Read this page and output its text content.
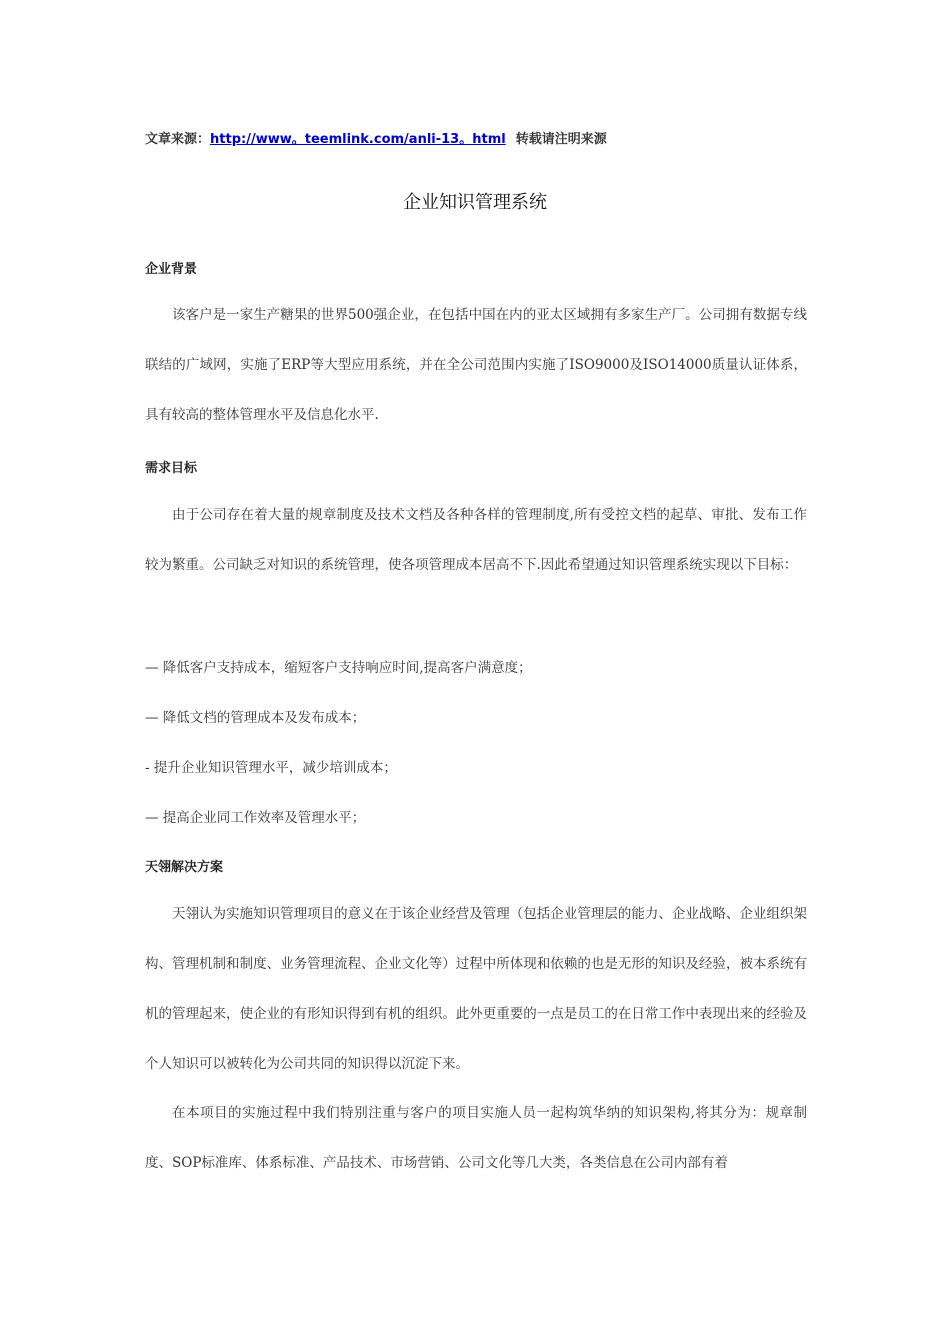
文章来源：http://www。teemlink.com/anli-13。html 转载请注明来源
企业知识管理系统
企业背景
该客户是一家生产糖果的世界500强企业，在包括中国在内的亚太区域拥有多家生产厂。公司拥有数据专线联结的广域网，实施了ERP等大型应用系统，并在全公司范围内实施了ISO9000及ISO14000质量认证体系，具有较高的整体管理水平及信息化水平.
需求目标
由于公司存在着大量的规章制度及技术文档及各种各样的管理制度,所有受控文档的起草、审批、发布工作较为繁重。公司缺乏对知识的系统管理，使各项管理成本居高不下.因此希望通过知识管理系统实现以下目标：
— 降低客户支持成本，缩短客户支持响应时间,提高客户满意度；
— 降低文档的管理成本及发布成本；
- 提升企业知识管理水平，减少培训成本；
— 提高企业同工作效率及管理水平；
天翎解决方案
天翎认为实施知识管理项目的意义在于该企业经营及管理（包括企业管理层的能力、企业战略、企业组织架构、管理机制和制度、业务管理流程、企业文化等）过程中所体现和依赖的也是无形的知识及经验，被本系统有机的管理起来，使企业的有形知识得到有机的组织。此外更重要的一点是员工的在日常工作中表现出来的经验及个人知识可以被转化为公司共同的知识得以沉淀下来。
在本项目的实施过程中我们特别注重与客户的项目实施人员一起构筑华纳的知识架构,将其分为：规章制度、SOP标准库、体系标准、产品技术、市场营销、公司文化等几大类，各类信息在公司内部有着
